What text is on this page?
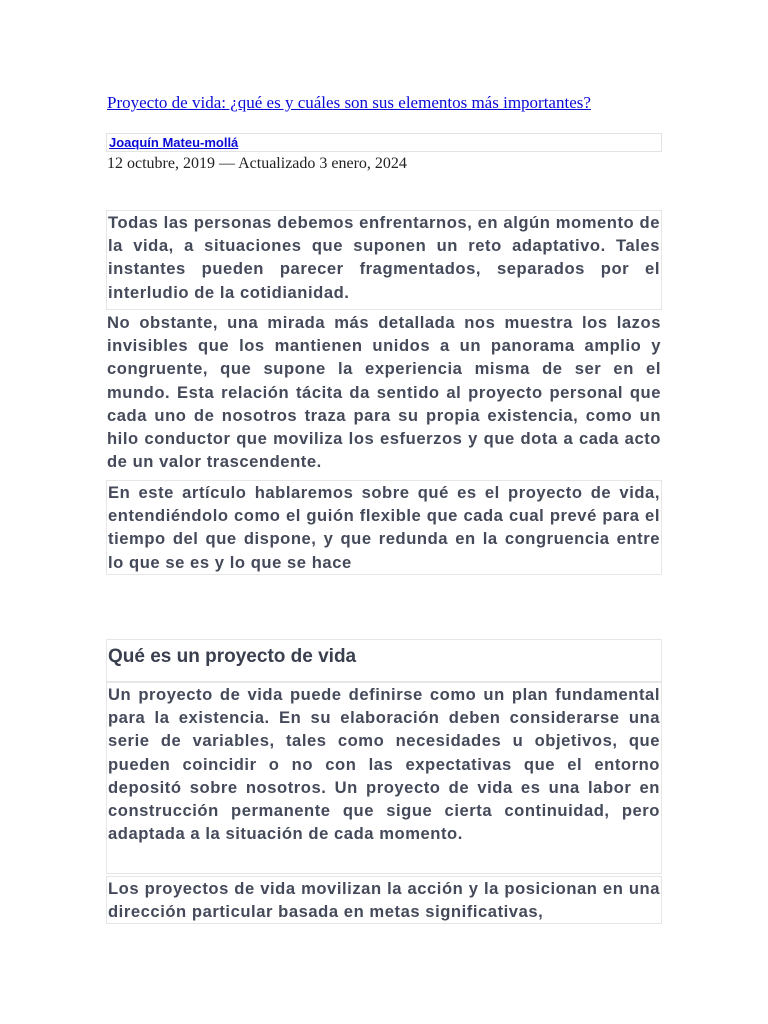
Proyecto de vida: ¿qué es y cuáles son sus elementos más importantes?
Joaquín Mateu-mollá
12 octubre, 2019 — Actualizado 3 enero, 2024

Todas las personas debemos enfrentarnos, en algún momento de la vida, a situaciones que suponen un reto adaptativo. Tales instantes pueden parecer fragmentados, separados por el interludio de la cotidianidad.

No obstante, una mirada más detallada nos muestra los lazos invisibles que los mantienen unidos a un panorama amplio y congruente, que supone la experiencia misma de ser en el mundo. Esta relación tácita da sentido al proyecto personal que cada uno de nosotros traza para su propia existencia, como un hilo conductor que moviliza los esfuerzos y que dota a cada acto de un valor trascendente.

En este artículo hablaremos sobre qué es el proyecto de vida, entendiéndolo como el guión flexible que cada cual prevé para el tiempo del que dispone, y que redunda en la congruencia entre lo que se es y lo que se hace

Qué es un proyecto de vida

Un proyecto de vida puede definirse como un plan fundamental para la existencia. En su elaboración deben considerarse una serie de variables, tales como necesidades u objetivos, que pueden coincidir o no con las expectativas que el entorno depositó sobre nosotros. Un proyecto de vida es una labor en construcción permanente que sigue cierta continuidad, pero adaptada a la situación de cada momento.

Los proyectos de vida movilizan la acción y la posicionan en una dirección particular basada en metas significativas,
